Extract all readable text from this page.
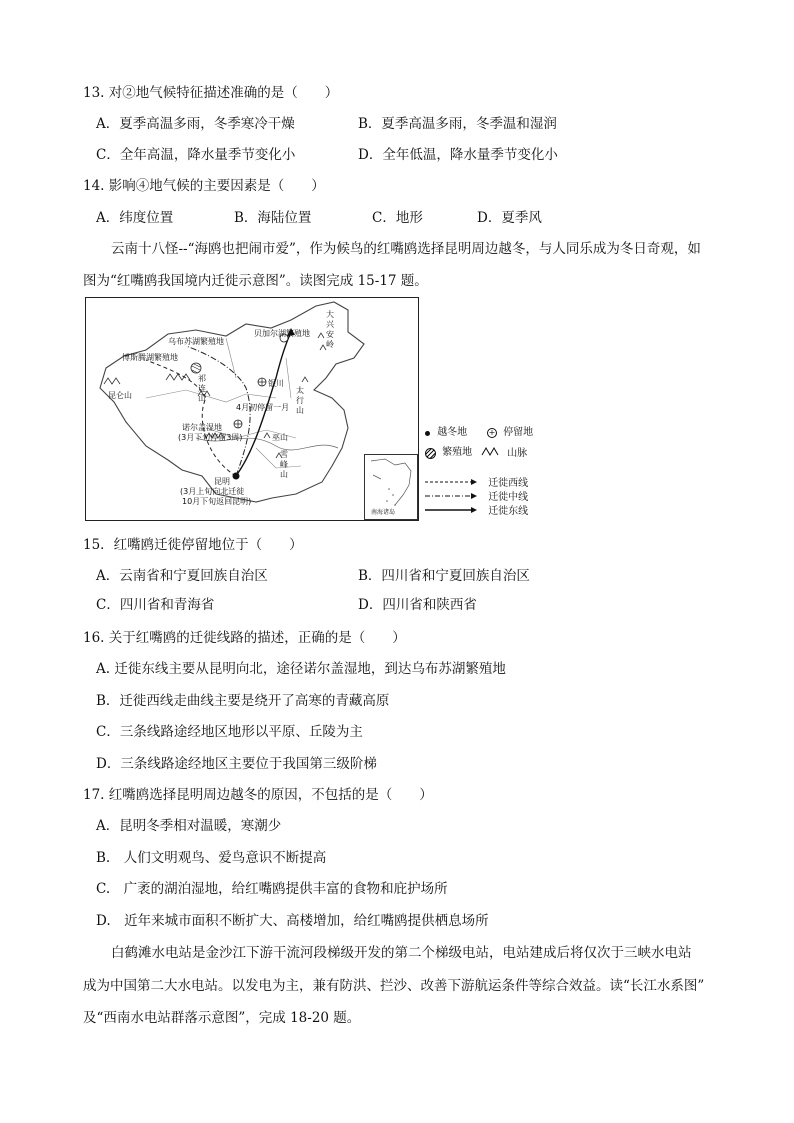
13. 对②地气候特征描述准确的是（　　）
A．夏季高温多雨，冬季寒冷干燥	B．夏季高温多雨，冬季温和湿润
C．全年高温，降水量季节变化小	D．全年低温，降水量季节变化小
14. 影响④地气候的主要因素是（　　）
A．纬度位置	B．海陆位置	C．地形	D．夏季风
云南十八怪--“海鸥也把闹市爱”，作为候鸟的红嘴鸥选择昆明周边越冬，与人同乐成为冬日奇观，如
图为“红嘴鸥我国境内迁徙示意图”。读图完成 15-17 题。
大兴安岭
贝加尔湖繁殖地
乌布苏湖繁殖地
博斯腾湖繁殖地
昆仑山
祁连山
银川
4月初停留一月
太行山
诺尔盖湿地
(3月下旬停留3周)	巫山
雪峰山
昆明
(3月上旬向北迁徙
10月下旬返回昆明)
南海诸岛
越冬地	+ 停留地
繁殖地	山脉
迁徙西线
迁徙中线
迁徙东线
15．红嘴鸥迁徙停留地位于（　　）
A．云南省和宁夏回族自治区	B．四川省和宁夏回族自治区
C．四川省和青海省	D．四川省和陕西省
16. 关于红嘴鸥的迁徙线路的描述，正确的是（　　）
A. 迁徙东线主要从昆明向北，途径诺尔盖湿地，到达乌布苏湖繁殖地
B．迁徙西线走曲线主要是绕开了高寒的青藏高原
C．三条线路途经地区地形以平原、丘陵为主
D．三条线路途经地区主要位于我国第三级阶梯
17. 红嘴鸥选择昆明周边越冬的原因，不包括的是（　　）
A．昆明冬季相对温暖，寒潮少
B.　人们文明观鸟、爱鸟意识不断提高
C.　广袤的湖泊湿地，给红嘴鸥提供丰富的食物和庇护场所
D.　近年来城市面积不断扩大、高楼增加，给红嘴鸥提供栖息场所
白鹤滩水电站是金沙江下游干流河段梯级开发的第二个梯级电站，电站建成后将仅次于三峡水电站
成为中国第二大水电站。以发电为主，兼有防洪、拦沙、改善下游航运条件等综合效益。读“长江水系图”
及“西南水电站群落示意图”，完成 18-20 题。
